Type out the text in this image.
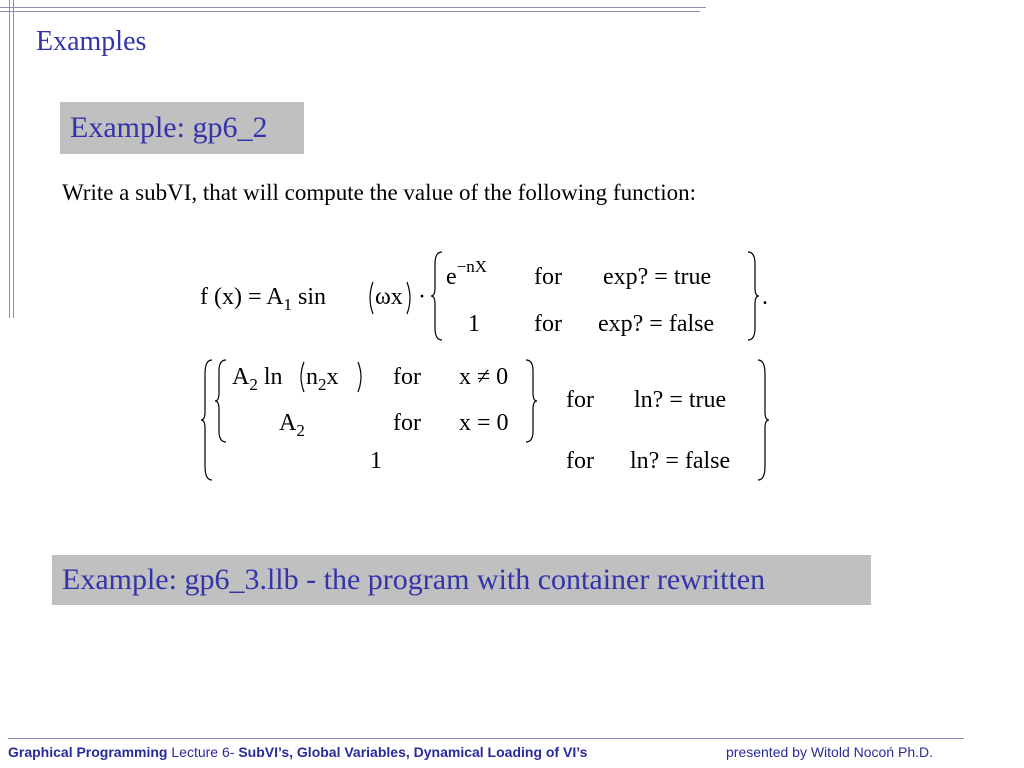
Examples
Example: gp6_2
Write a subVI, that will compute the value of the following function:
f $(x) = A_1$ sin ωx ·
$e^{-nX}$ for exp? = true
1 for exp? = false
.
$A_2$ $\ln n_2x$ for x ≠ 0
$A_2$	for x = 0
for ln? = true
1	for ln? = false
Example: gp6_3.llb - the program with container rewritten
Graphical Programming Lecture 6- SubVI’s, Global Variables, Dynamical Loading of VI’s	presented by Witold Nocoń Ph.D.
